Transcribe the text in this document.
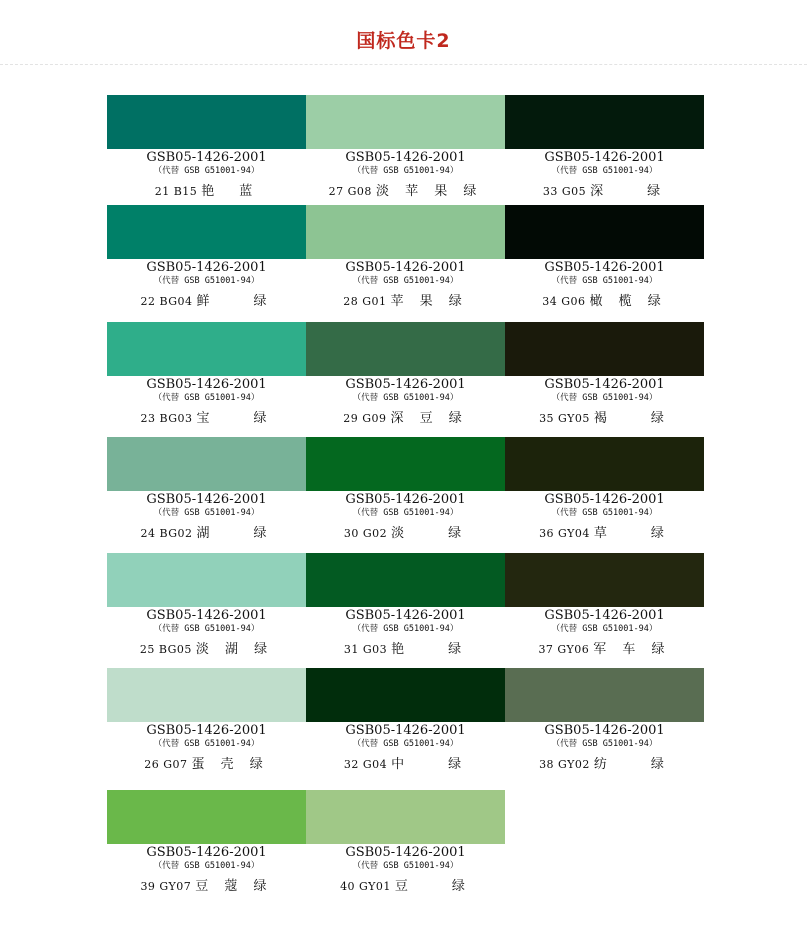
国标色卡2
GSB05-1426-2001
（代替 GSB G51001-94）
21 B15 艳　蓝
GSB05-1426-2001
（代替 GSB G51001-94）
22 BG04 鲜　　绿
GSB05-1426-2001
（代替 GSB G51001-94）
23 BG03 宝　　绿
GSB05-1426-2001
（代替 GSB G51001-94）
24 BG02 湖　　绿
GSB05-1426-2001
（代替 GSB G51001-94）
25 BG05 淡 湖 绿
GSB05-1426-2001
（代替 GSB G51001-94）
26 G07 蛋 壳 绿
GSB05-1426-2001
（代替 GSB G51001-94）
39 GY07 豆 蔻 绿
GSB05-1426-2001
（代替 GSB G51001-94）
27 G08 淡 苹 果 绿
GSB05-1426-2001
（代替 GSB G51001-94）
28 G01 苹 果 绿
GSB05-1426-2001
（代替 GSB G51001-94）
29 G09 深 豆 绿
GSB05-1426-2001
（代替 GSB G51001-94）
30 G02 淡　　绿
GSB05-1426-2001
（代替 GSB G51001-94）
31 G03 艳　　绿
GSB05-1426-2001
（代替 GSB G51001-94）
32 G04 中　　绿
GSB05-1426-2001
（代替 GSB G51001-94）
40 GY01 豆　　绿
GSB05-1426-2001
（代替 GSB G51001-94）
33 G05 深　　绿
GSB05-1426-2001
（代替 GSB G51001-94）
34 G06 橄 榄 绿
GSB05-1426-2001
（代替 GSB G51001-94）
35 GY05 褐　　绿
GSB05-1426-2001
（代替 GSB G51001-94）
36 GY04 草　　绿
GSB05-1426-2001
（代替 GSB G51001-94）
37 GY06 军 车 绿
GSB05-1426-2001
（代替 GSB G51001-94）
38 GY02 纺　　绿
